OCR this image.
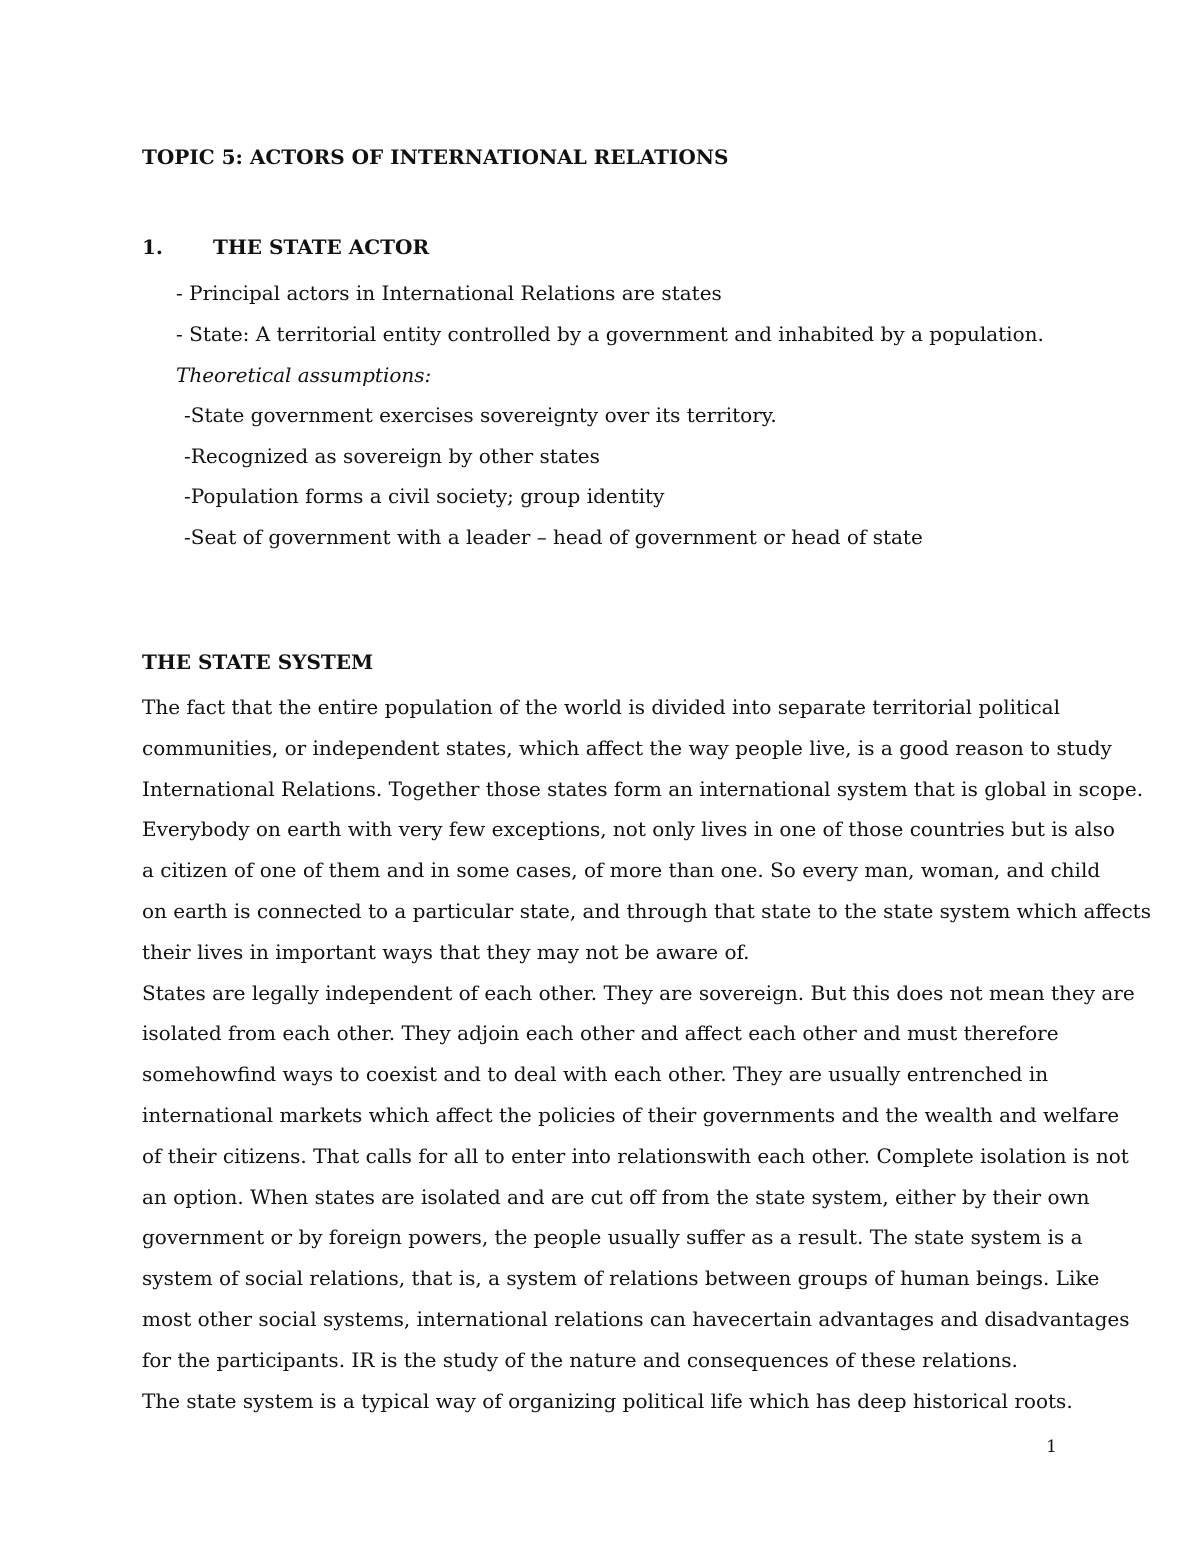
TOPIC 5: ACTORS OF INTERNATIONAL RELATIONS
1.	THE STATE ACTOR
- Principal actors in International Relations are states
- State: A territorial entity controlled by a government and inhabited by a population.
Theoretical assumptions:
-State government exercises sovereignty over its territory.
-Recognized as sovereign by other states
-Population forms a civil society; group identity
-Seat of government with a leader – head of government or head of state
THE STATE SYSTEM
The fact that the entire population of the world is divided into separate territorial political
communities, or independent states, which affect the way people live, is a good reason to study
International Relations. Together those states form an international system that is global in scope.
Everybody on earth with very few exceptions, not only lives in one of those countries but is also
a citizen of one of them and in some cases, of more than one. So every man, woman, and child
on earth is connected to a particular state, and through that state to the state system which affects
their lives in important ways that they may not be aware of.
States are legally independent of each other. They are sovereign. But this does not mean they are
isolated from each other. They adjoin each other and affect each other and must therefore
somehowfind ways to coexist and to deal with each other. They are usually entrenched in
international markets which affect the policies of their governments and the wealth and welfare
of their citizens. That calls for all to enter into relationswith each other. Complete isolation is not
an option. When states are isolated and are cut off from the state system, either by their own
government or by foreign powers, the people usually suffer as a result. The state system is a
system of social relations, that is, a system of relations between groups of human beings. Like
most other social systems, international relations can havecertain advantages and disadvantages
for the participants. IR is the study of the nature and consequences of these relations.
The state system is a typical way of organizing political life which has deep historical roots.
1
